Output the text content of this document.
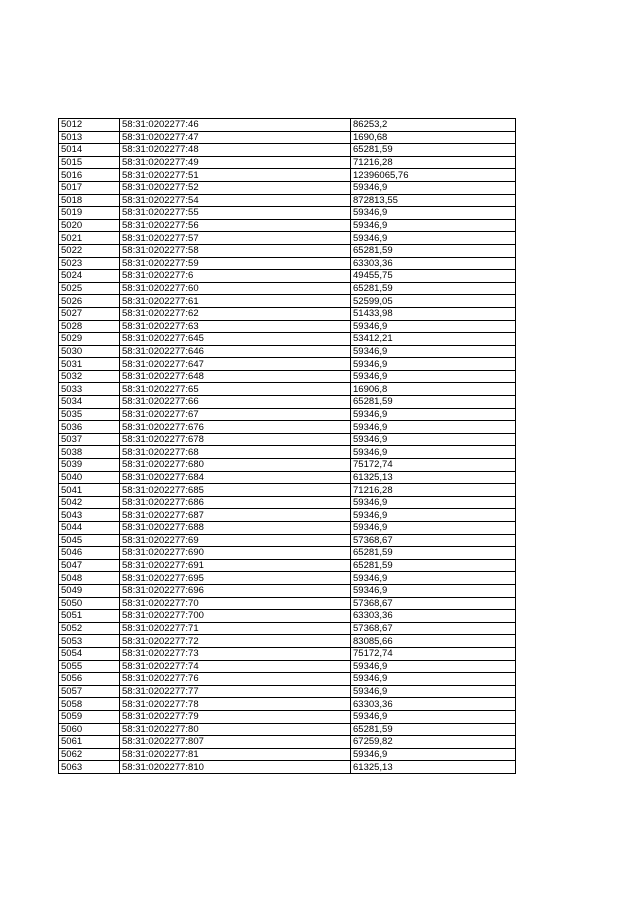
5012	58:31:0202277:46	86253,2
5013	58:31:0202277:47	1690,68
5014	58:31:0202277:48	65281,59
5015	58:31:0202277:49	71216,28
5016	58:31:0202277:51	12396065,76
5017	58:31:0202277:52	59346,9
5018	58:31:0202277:54	872813,55
5019	58:31:0202277:55	59346,9
5020	58:31:0202277:56	59346,9
5021	58:31:0202277:57	59346,9
5022	58:31:0202277:58	65281,59
5023	58:31:0202277:59	63303,36
5024	58:31:0202277:6	49455,75
5025	58:31:0202277:60	65281,59
5026	58:31:0202277:61	52599,05
5027	58:31:0202277:62	51433,98
5028	58:31:0202277:63	59346,9
5029	58:31:0202277:645	53412,21
5030	58:31:0202277:646	59346,9
5031	58:31:0202277:647	59346,9
5032	58:31:0202277:648	59346,9
5033	58:31:0202277:65	16906,8
5034	58:31:0202277:66	65281,59
5035	58:31:0202277:67	59346,9
5036	58:31:0202277:676	59346,9
5037	58:31:0202277:678	59346,9
5038	58:31:0202277:68	59346,9
5039	58:31:0202277:680	75172,74
5040	58:31:0202277:684	61325,13
5041	58:31:0202277:685	71216,28
5042	58:31:0202277:686	59346,9
5043	58:31:0202277:687	59346,9
5044	58:31:0202277:688	59346,9
5045	58:31:0202277:69	57368,67
5046	58:31:0202277:690	65281,59
5047	58:31:0202277:691	65281,59
5048	58:31:0202277:695	59346,9
5049	58:31:0202277:696	59346,9
5050	58:31:0202277:70	57368,67
5051	58:31:0202277:700	63303,36
5052	58:31:0202277:71	57368,67
5053	58:31:0202277:72	83085,66
5054	58:31:0202277:73	75172,74
5055	58:31:0202277:74	59346,9
5056	58:31:0202277:76	59346,9
5057	58:31:0202277:77	59346,9
5058	58:31:0202277:78	63303,36
5059	58:31:0202277:79	59346,9
5060	58:31:0202277:80	65281,59
5061	58:31:0202277:807	67259,82
5062	58:31:0202277:81	59346,9
5063	58:31:0202277:810	61325,13
